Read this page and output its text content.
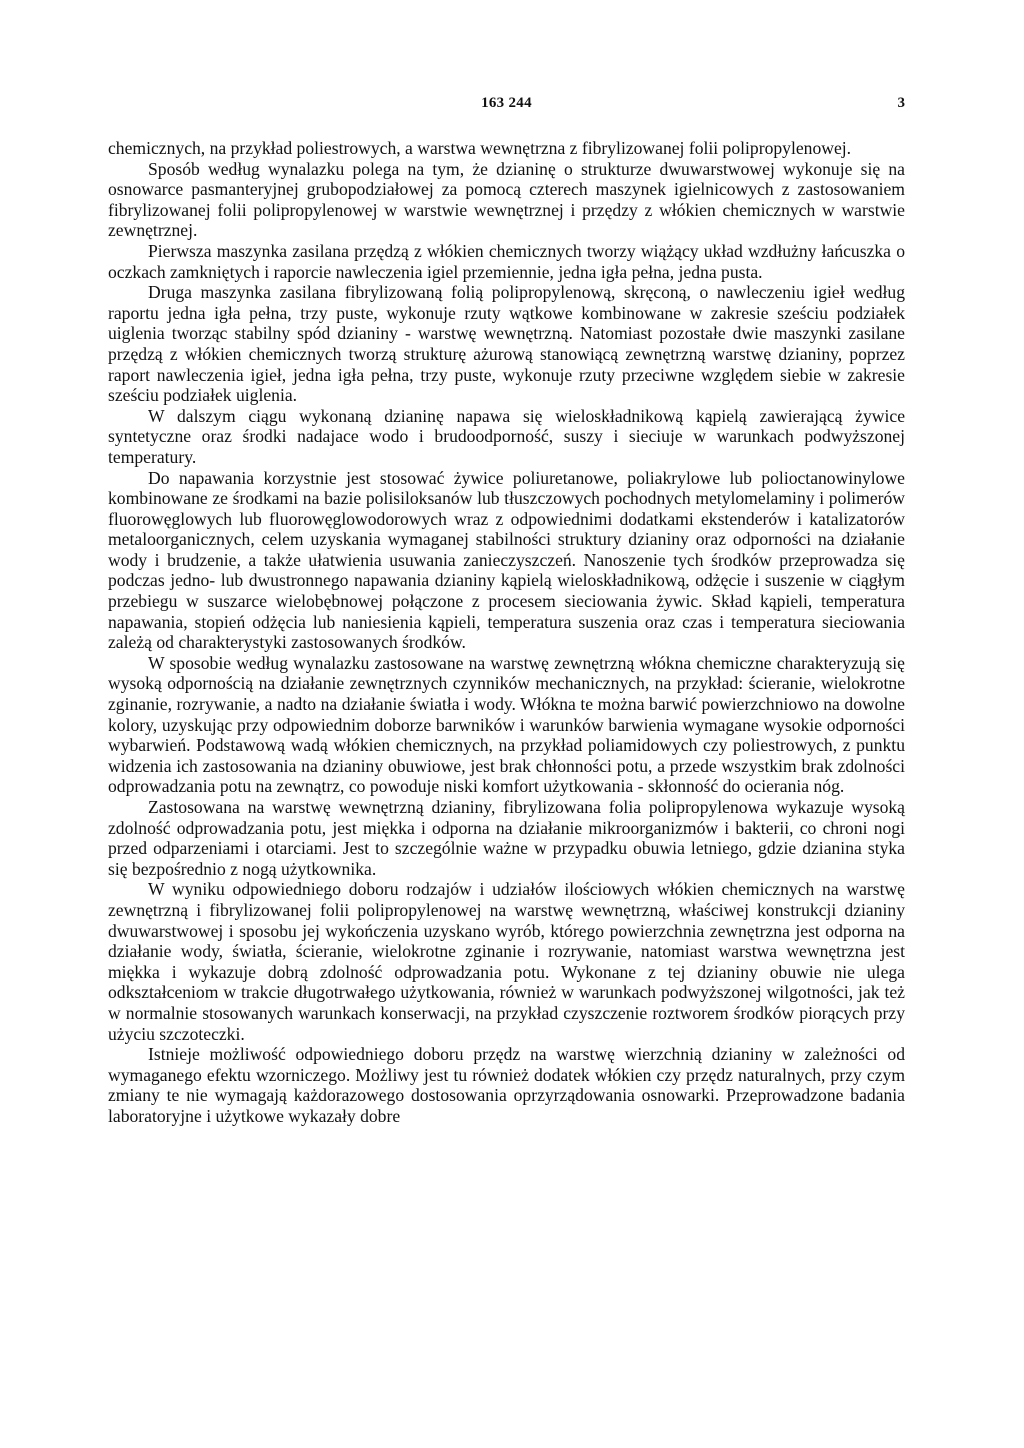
163 244	3

chemicznych, na przykład poliestrowych, a warstwa wewnętrzna z fibrylizowanej folii polipropylenowej.

Sposób według wynalazku polega na tym, że dzianinę o strukturze dwuwarstwowej wykonuje się na osnowarce pasmanteryjnej grubopodziałowej za pomocą czterech maszynek igielnicowych z zastosowaniem fibrylizowanej folii polipropylenowej w warstwie wewnętrznej i przędzy z włókien chemicznych w warstwie zewnętrznej.

Pierwsza maszynka zasilana przędzą z włókien chemicznych tworzy wiążący układ wzdłużny łańcuszka o oczkach zamkniętych i raporcie nawleczenia igiel przemiennie, jedna igła pełna, jedna pusta.

Druga maszynka zasilana fibrylizowaną folią polipropylenową, skręconą, o nawleczeniu igieł według raportu jedna igła pełna, trzy puste, wykonuje rzuty wątkowe kombinowane w zakresie sześciu podziałek uiglenia tworząc stabilny spód dzianiny - warstwę wewnętrzną. Natomiast pozostałe dwie maszynki zasilane przędzą z włókien chemicznych tworzą strukturę ażurową stanowiącą zewnętrzną warstwę dzianiny, poprzez raport nawleczenia igieł, jedna igła pełna, trzy puste, wykonuje rzuty przeciwne względem siebie w zakresie sześciu podziałek uiglenia.

W dalszym ciągu wykonaną dzianinę napawa się wieloskładnikową kąpielą zawierającą żywice syntetyczne oraz środki nadajace wodo i brudoodporność, suszy i sieciuje w warunkach podwyższonej temperatury.

Do napawania korzystnie jest stosować żywice poliuretanowe, poliakrylowe lub polioctanowinylowe kombinowane ze środkami na bazie polisiloksanów lub tłuszczowych pochodnych metylomelaminy i polimerów fluorowęglowych lub fluorowęglowodorowych wraz z odpowiednimi dodatkami ekstenderów i katalizatorów metaloorganicznych, celem uzyskania wymaganej stabilności struktury dzianiny oraz odporności na działanie wody i brudzenie, a także ułatwienia usuwania zanieczyszczeń. Nanoszenie tych środków przeprowadza się podczas jedno- lub dwustronnego napawania dzianiny kąpielą wieloskładnikową, odżęcie i suszenie w ciągłym przebiegu w suszarce wielobębnowej połączone z procesem sieciowania żywic. Skład kąpieli, temperatura napawania, stopień odżęcia lub naniesienia kąpieli, temperatura suszenia oraz czas i temperatura sieciowania zależą od charakterystyki zastosowanych środków.

W sposobie według wynalazku zastosowane na warstwę zewnętrzną włókna chemiczne charakteryzują się wysoką odpornością na działanie zewnętrznych czynników mechanicznych, na przykład: ścieranie, wielokrotne zginanie, rozrywanie, a nadto na działanie światła i wody. Włókna te można barwić powierzchniowo na dowolne kolory, uzyskując przy odpowiednim doborze barwników i warunków barwienia wymagane wysokie odporności wybarwień. Podstawową wadą włókien chemicznych, na przykład poliamidowych czy poliestrowych, z punktu widzenia ich zastosowania na dzianiny obuwiowe, jest brak chłonności potu, a przede wszystkim brak zdolności odprowadzania potu na zewnątrz, co powoduje niski komfort użytkowania - skłonność do ocierania nóg.

Zastosowana na warstwę wewnętrzną dzianiny, fibrylizowana folia polipropylenowa wykazuje wysoką zdolność odprowadzania potu, jest miękka i odporna na działanie mikroorganizmów i bakterii, co chroni nogi przed odparzeniami i otarciami. Jest to szczególnie ważne w przypadku obuwia letniego, gdzie dzianina styka się bezpośrednio z nogą użytkownika.

W wyniku odpowiedniego doboru rodzajów i udziałów ilościowych włókien chemicznych na warstwę zewnętrzną i fibrylizowanej folii polipropylenowej na warstwę wewnętrzną, właściwej konstrukcji dzianiny dwuwarstwowej i sposobu jej wykończenia uzyskano wyrób, którego powierzchnia zewnętrzna jest odporna na działanie wody, światła, ścieranie, wielokrotne zginanie i rozrywanie, natomiast warstwa wewnętrzna jest miękka i wykazuje dobrą zdolność odprowadzania potu. Wykonane z tej dzianiny obuwie nie ulega odkształceniom w trakcie długotrwałego użytkowania, również w warunkach podwyższonej wilgotności, jak też w normalnie stosowanych warunkach konserwacji, na przykład czyszczenie roztworem środków piorących przy użyciu szczoteczki.

Istnieje możliwość odpowiedniego doboru przędz na warstwę wierzchnią dzianiny w zależności od wymaganego efektu wzorniczego. Możliwy jest tu również dodatek włókien czy przędz naturalnych, przy czym zmiany te nie wymagają każdorazowego dostosowania oprzyrządowania osnowarki. Przeprowadzone badania laboratoryjne i użytkowe wykazały dobre
